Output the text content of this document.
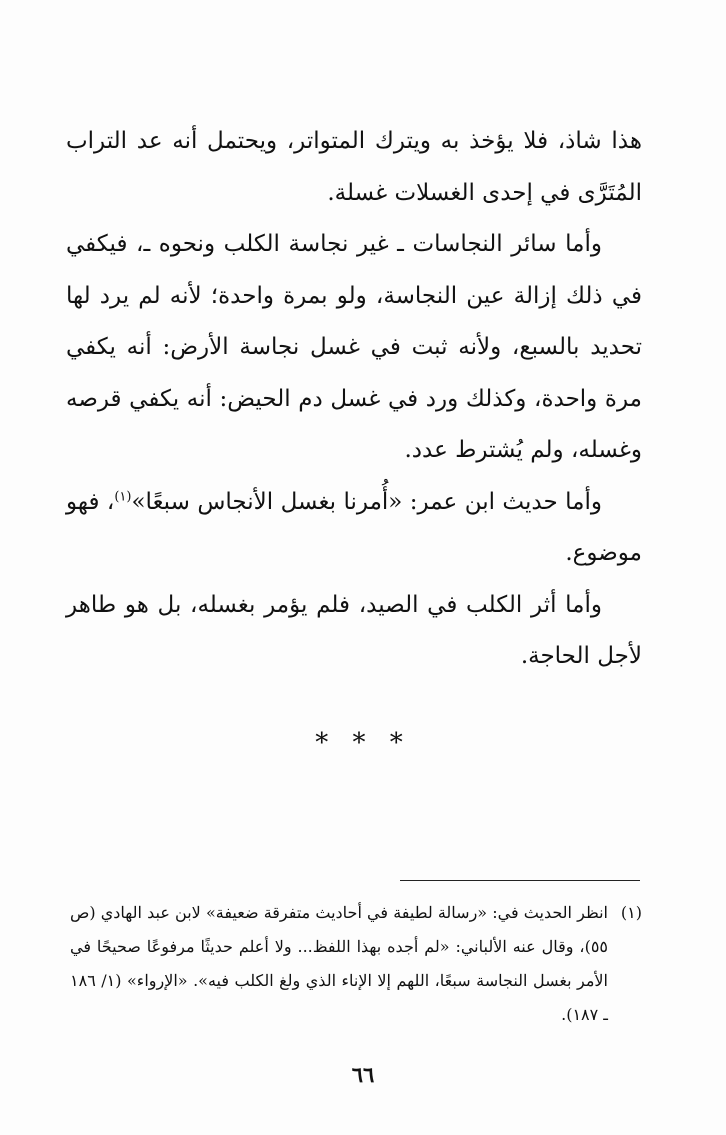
هذا شاذ، فلا يؤخذ به ويترك المتواتر، ويحتمل أنه عد التراب المُتَرَّى في إحدى الغسلات غسلة.

وأما سائر النجاسات ـ غير نجاسة الكلب ونحوه ـ، فيكفي في ذلك إزالة عين النجاسة، ولو بمرة واحدة؛ لأنه لم يرد لها تحديد بالسبع، ولأنه ثبت في غسل نجاسة الأرض: أنه يكفي مرة واحدة، وكذلك ورد في غسل دم الحيض: أنه يكفي قرصه وغسله، ولم يُشترط عدد.

وأما حديث ابن عمر: «أُمرنا بغسل الأنجاس سبعًا»$^{(١)}$، فهو موضوع.

وأما أثر الكلب في الصيد، فلم يؤمر بغسله، بل هو طاهر لأجل الحاجة.

* * *
(١)
انظر الحديث في: «رسالة لطيفة في أحاديث متفرقة ضعيفة» لابن عبد الهادي (ص ٥٥)، وقال عنه الألباني: «لم أجده بهذا اللفظ... ولا أعلم حديثًا مرفوعًا صحيحًا في الأمر بغسل النجاسة سبعًا، اللهم إلا الإناء الذي ولغ الكلب فيه». «الإرواء» (١/ ١٨٦ ـ ١٨٧).
٦٦
